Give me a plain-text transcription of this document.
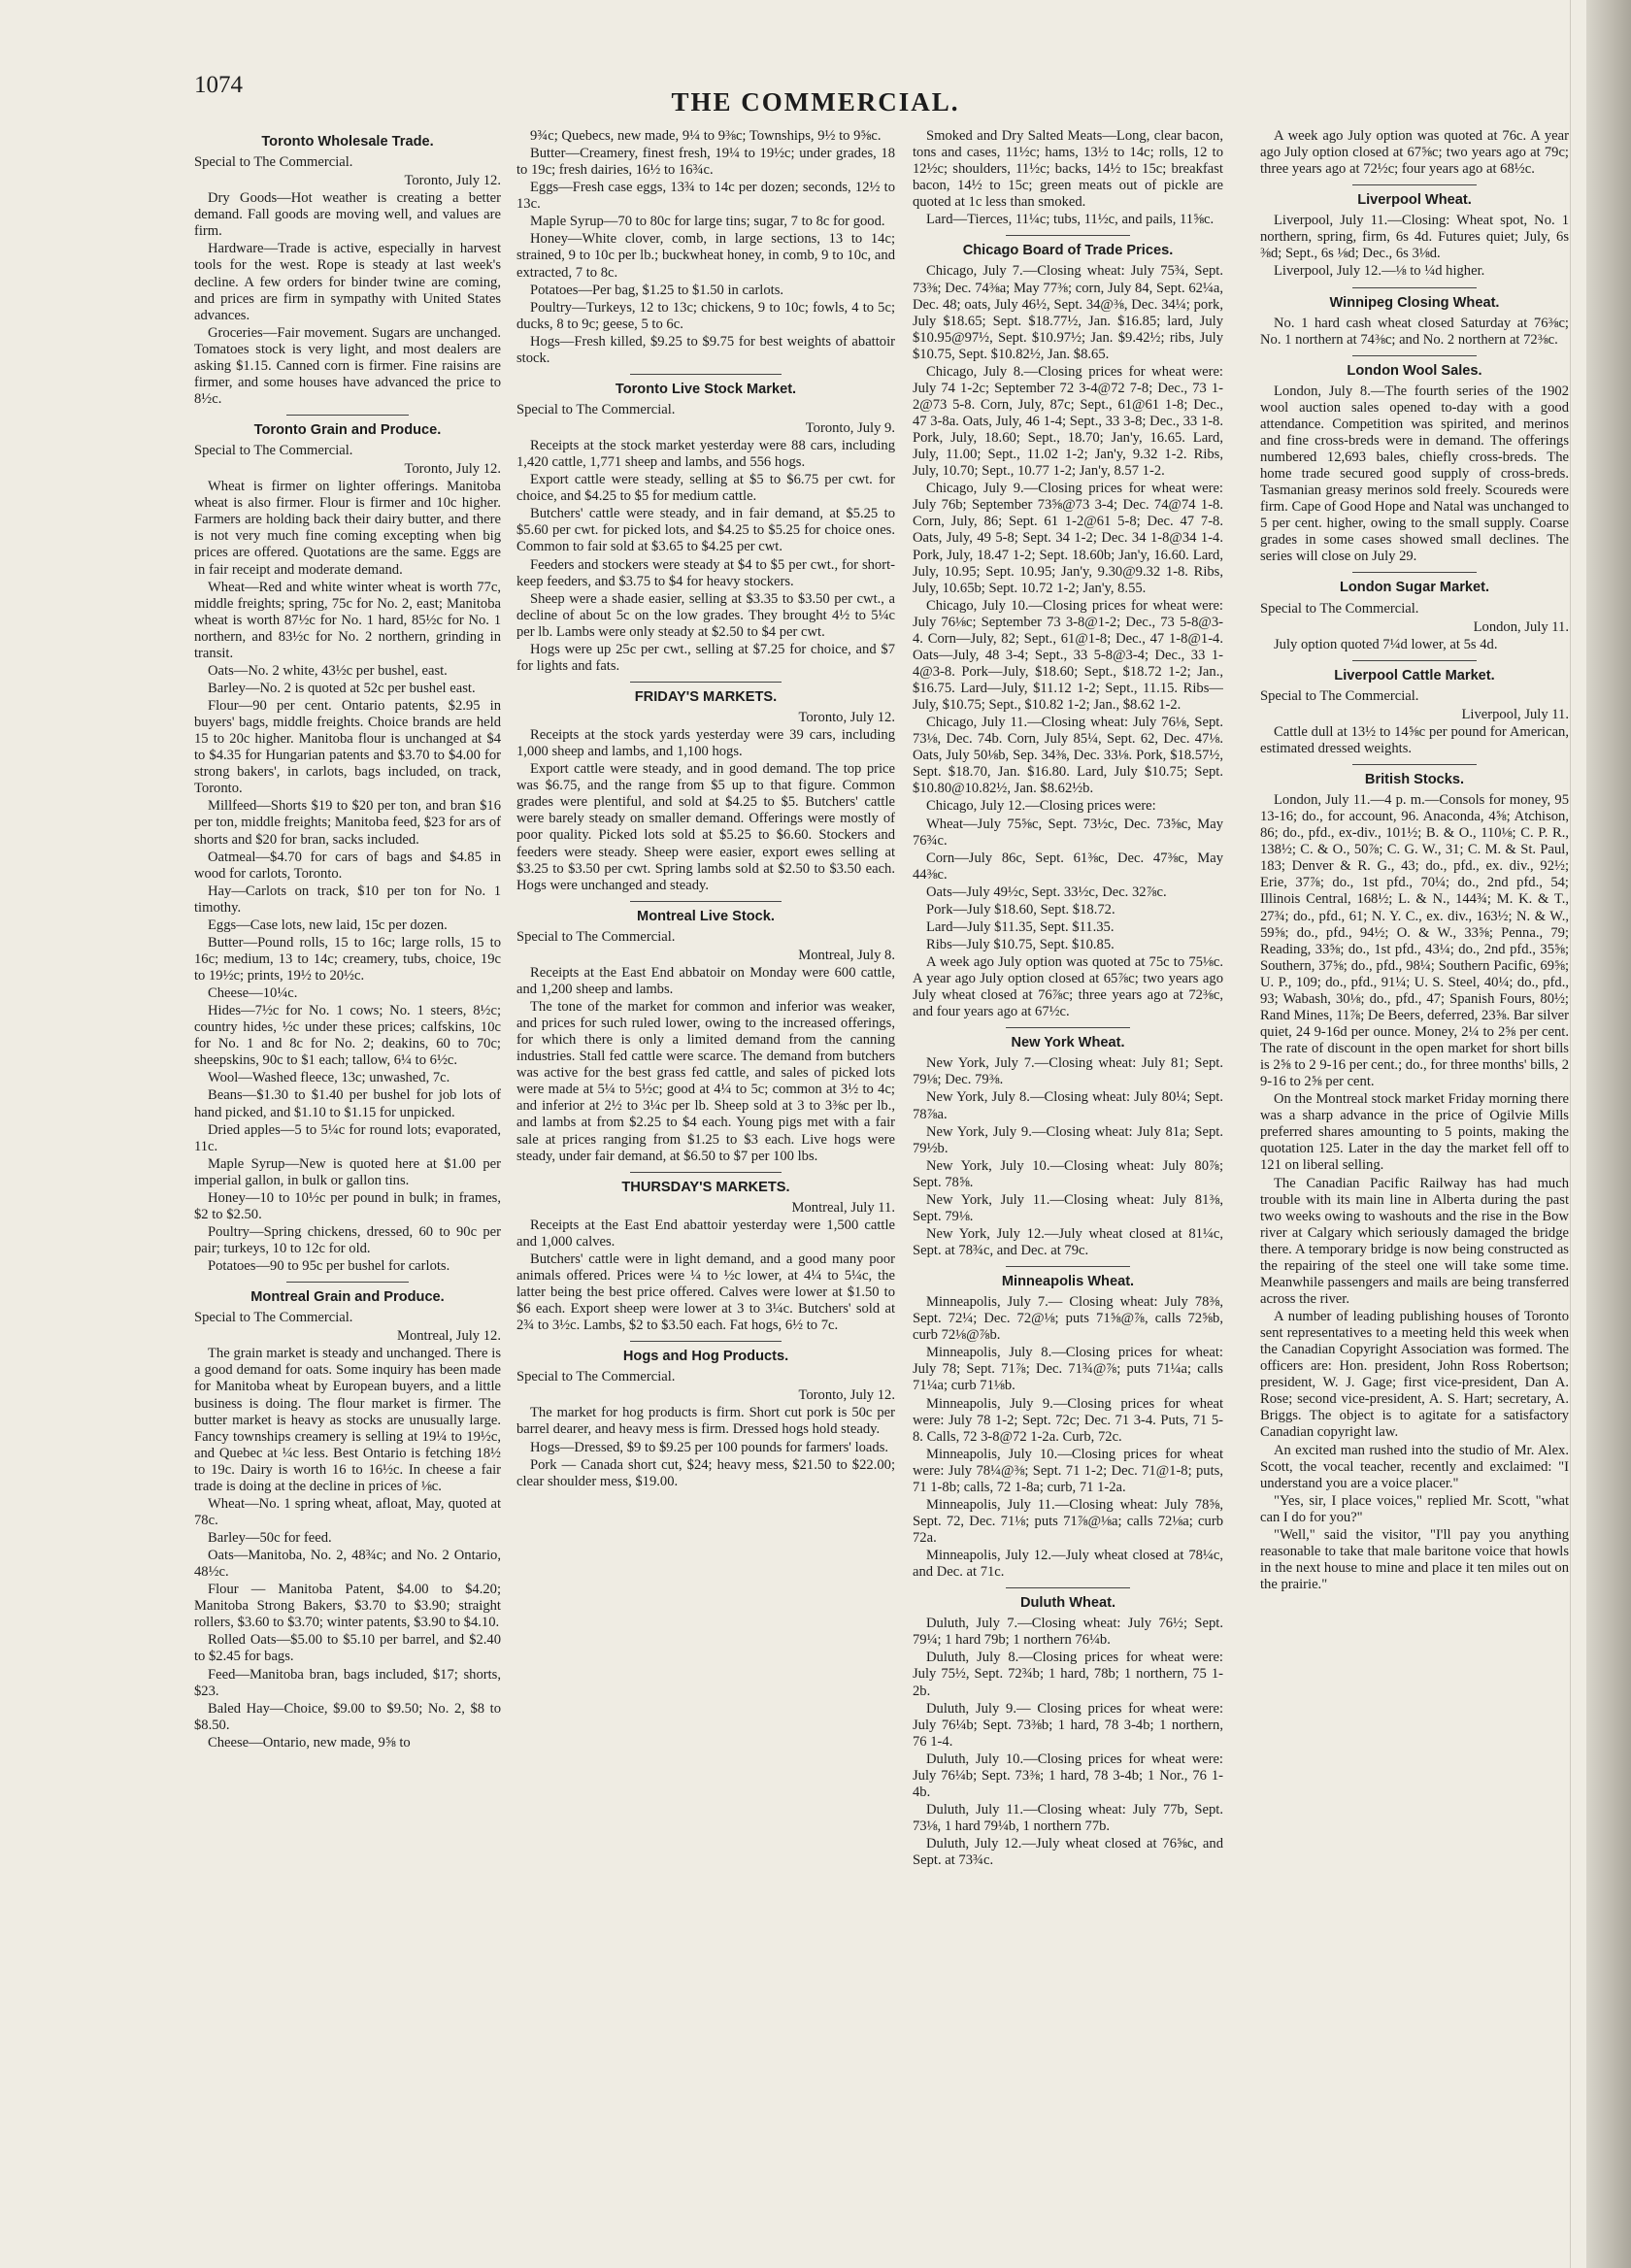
1074
THE COMMERCIAL.
Toronto Wholesale Trade.
Special to The Commercial.

Toronto, July 12.

Dry Goods—Hot weather is creating a better demand. Fall goods are moving well, and values are firm.

Hardware—Trade is active, especially in harvest tools for the west. Rope is steady at last week's decline. A few orders for binder twine are coming, and prices are firm in sympathy with United States advances.

Groceries—Fair movement. Sugars are unchanged. Tomatoes stock is very light, and most dealers are asking $1.15. Canned corn is firmer. Fine raisins are firmer, and some houses have advanced the price to 8½c.

Toronto Grain and Produce.
Special to The Commercial.

Toronto, July 12.

Wheat is firmer on lighter offerings. Manitoba wheat is also firmer. Flour is firmer and 10c higher. Farmers are holding back their dairy butter, and there is not very much fine coming excepting when big prices are offered. Quotations are the same. Eggs are in fair receipt and moderate demand.

Wheat—Red and white winter wheat is worth 77c, middle freights; spring, 75c for No. 2, east; Manitoba wheat is worth 87½c for No. 1 hard, 85½c for No. 1 northern, and 83½c for No. 2 northern, grinding in transit.

Oats—No. 2 white, 43½c per bushel, east.

Barley—No. 2 is quoted at 52c per bushel east.

Flour—90 per cent. Ontario patents, $2.95 in buyers' bags, middle freights. Choice brands are held 15 to 20c higher. Manitoba flour is unchanged at $4 to $4.35 for Hungarian patents and $3.70 to $4.00 for strong bakers', in carlots, bags included, on track, Toronto.

Millfeed—Shorts $19 to $20 per ton, and bran $16 per ton, middle freights; Manitoba feed, $23 for ars of shorts and $20 for bran, sacks included.

Oatmeal—$4.70 for cars of bags and $4.85 in wood for carlots, Toronto.

Hay—Carlots on track, $10 per ton for No. 1 timothy.

Eggs—Case lots, new laid, 15c per dozen.

Butter—Pound rolls, 15 to 16c; large rolls, 15 to 16c; medium, 13 to 14c; creamery, tubs, choice, 19c to 19½c; prints, 19½ to 20½c.

Cheese—10¼c.

Hides—7½c for No. 1 cows; No. 1 steers, 8½c; country hides, ½c under these prices; calfskins, 10c for No. 1 and 8c for No. 2; deakins, 60 to 70c; sheepskins, 90c to $1 each; tallow, 6¼ to 6½c.

Wool—Washed fleece, 13c; unwashed, 7c.

Beans—$1.30 to $1.40 per bushel for job lots of hand picked, and $1.10 to $1.15 for unpicked.

Dried apples—5 to 5¼c for round lots; evaporated, 11c.

Maple Syrup—New is quoted here at $1.00 per imperial gallon, in bulk or gallon tins.

Honey—10 to 10½c per pound in bulk; in frames, $2 to $2.50.

Poultry—Spring chickens, dressed, 60 to 90c per pair; turkeys, 10 to 12c for old.

Potatoes—90 to 95c per bushel for carlots.

Montreal Grain and Produce.
Special to The Commercial.

Montreal, July 12.

The grain market is steady and unchanged. There is a good demand for oats. Some inquiry has been made for Manitoba wheat by European buyers, and a little business is doing. The flour market is firmer. The butter market is heavy as stocks are unusually large. Fancy townships creamery is selling at 19¼ to 19½c, and Quebec at ¼c less. Best Ontario is fetching 18½ to 19c. Dairy is worth 16 to 16½c. In cheese a fair trade is doing at the decline in prices of ⅛c.

Wheat—No. 1 spring wheat, afloat, May, quoted at 78c.

Barley—50c for feed.

Oats—Manitoba, No. 2, 48¾c; and No. 2 Ontario, 48½c.

Flour — Manitoba Patent, $4.00 to $4.20; Manitoba Strong Bakers, $3.70 to $3.90; straight rollers, $3.60 to $3.70; winter patents, $3.90 to $4.10.

Rolled Oats—$5.00 to $5.10 per barrel, and $2.40 to $2.45 for bags.

Feed—Manitoba bran, bags included, $17; shorts, $23.

Baled Hay—Choice, $9.00 to $9.50; No. 2, $8 to $8.50.

Cheese—Ontario, new made, 9⅝ to

9¾c; Quebecs, new made, 9¼ to 9⅜c; Townships, 9½ to 9⅝c.

Butter—Creamery, finest fresh, 19¼ to 19½c; under grades, 18 to 19c; fresh dairies, 16½ to 16¾c.

Eggs—Fresh case eggs, 13¾ to 14c per dozen; seconds, 12½ to 13c.

Maple Syrup—70 to 80c for large tins; sugar, 7 to 8c for good.

Honey—White clover, comb, in large sections, 13 to 14c; strained, 9 to 10c per lb.; buckwheat honey, in comb, 9 to 10c, and extracted, 7 to 8c.

Potatoes—Per bag, $1.25 to $1.50 in carlots.

Poultry—Turkeys, 12 to 13c; chickens, 9 to 10c; fowls, 4 to 5c; ducks, 8 to 9c; geese, 5 to 6c.

Hogs—Fresh killed, $9.25 to $9.75 for best weights of abattoir stock.

Toronto Live Stock Market.
Special to The Commercial.

Toronto, July 9.

Receipts at the stock market yesterday were 88 cars, including 1,420 cattle, 1,771 sheep and lambs, and 556 hogs.

Export cattle were steady, selling at $5 to $6.75 per cwt. for choice, and $4.25 to $5 for medium cattle.

Butchers' cattle were steady, and in fair demand, at $5.25 to $5.60 per cwt. for picked lots, and $4.25 to $5.25 for choice ones. Common to fair sold at $3.65 to $4.25 per cwt.

Feeders and stockers were steady at $4 to $5 per cwt., for short-keep feeders, and $3.75 to $4 for heavy stockers.

Sheep were a shade easier, selling at $3.35 to $3.50 per cwt., a decline of about 5c on the low grades. They brought 4½ to 5¼c per lb. Lambs were only steady at $2.50 to $4 per cwt.

Hogs were up 25c per cwt., selling at $7.25 for choice, and $7 for lights and fats.

FRIDAY'S MARKETS.

Toronto, July 12.

Receipts at the stock yards yesterday were 39 cars, including 1,000 sheep and lambs, and 1,100 hogs.

Export cattle were steady, and in good demand. The top price was $6.75, and the range from $5 up to that figure. Common grades were plentiful, and sold at $4.25 to $5. Butchers' cattle were barely steady on smaller demand. Offerings were mostly of poor quality. Picked lots sold at $5.25 to $6.60. Stockers and feeders were steady. Sheep were easier, export ewes selling at $3.25 to $3.50 per cwt. Spring lambs sold at $2.50 to $3.50 each. Hogs were unchanged and steady.

Montreal Live Stock.
Special to The Commercial.

Montreal, July 8.

Receipts at the East End abbatoir on Monday were 600 cattle, and 1,200 sheep and lambs.

The tone of the market for common and inferior was weaker, and prices for such ruled lower, owing to the increased offerings, for which there is only a limited demand from the canning industries. Stall fed cattle were scarce. The demand from butchers was active for the best grass fed cattle, and sales of picked lots were made at 5¼ to 5½c; good at 4¼ to 5c; common at 3½ to 4c; and inferior at 2½ to 3¼c per lb. Sheep sold at 3 to 3⅜c per lb., and lambs at from $2.25 to $4 each. Young pigs met with a fair sale at prices ranging from $1.25 to $3 each. Live hogs were steady, under fair demand, at $6.50 to $7 per 100 lbs.

THURSDAY'S MARKETS.

Montreal, July 11.

Receipts at the East End abattoir yesterday were 1,500 cattle and 1,000 calves.

Butchers' cattle were in light demand, and a good many poor animals offered. Prices were ¼ to ½c lower, at 4¼ to 5¼c, the latter being the best price offered. Calves were lower at $1.50 to $6 each. Export sheep were lower at 3 to 3¼c. Butchers' sold at 2¾ to 3½c. Lambs, $2 to $3.50 each. Fat hogs, 6½ to 7c.

Hogs and Hog Products.
Special to The Commercial.

Toronto, July 12.

The market for hog products is firm. Short cut pork is 50c per barrel dearer, and heavy mess is firm. Dressed hogs hold steady.

Hogs—Dressed, $9 to $9.25 per 100 pounds for farmers' loads.

Pork — Canada short cut, $24; heavy mess, $21.50 to $22.00; clear shoulder mess, $19.00.

Smoked and Dry Salted Meats—Long, clear bacon, tons and cases, 11½c; hams, 13½ to 14c; rolls, 12 to 12½c; shoulders, 11½c; backs, 14½ to 15c; breakfast bacon, 14½ to 15c; green meats out of pickle are quoted at 1c less than smoked.

Lard—Tierces, 11¼c; tubs, 11½c, and pails, 11⅝c.

Chicago Board of Trade Prices.

Chicago, July 7.—Closing wheat: July 75¾, Sept. 73⅜; Dec. 74⅜a; May 77⅜; corn, July 84, Sept. 62¼a, Dec. 48; oats, July 46½, Sept. 34@⅜, Dec. 34¼; pork, July $18.65; Sept. $18.77½, Jan. $16.85; lard, July $10.95@97½, Sept. $10.97½; Jan. $9.42½; ribs, July $10.75, Sept. $10.82½, Jan. $8.65.

Chicago, July 8.—Closing prices for wheat were: July 74 1-2c; September 72 3-4@72 7-8; Dec., 73 1-2@73 5-8. Corn, July, 87c; Sept., 61@61 1-8; Dec., 47 3-8a. Oats, July, 46 1-4; Sept., 33 3-8; Dec., 33 1-8. Pork, July, 18.60; Sept., 18.70; Jan'y, 16.65. Lard, July, 11.00; Sept., 11.02 1-2; Jan'y, 9.32 1-2. Ribs, July, 10.70; Sept., 10.77 1-2; Jan'y, 8.57 1-2.

Chicago, July 9.—Closing prices for wheat were: July 76b; September 73⅝@73 3-4; Dec. 74@74 1-8. Corn, July, 86; Sept. 61 1-2@61 5-8; Dec. 47 7-8. Oats, July, 49 5-8; Sept. 34 1-2; Dec. 34 1-8@34 1-4. Pork, July, 18.47 1-2; Sept. 18.60b; Jan'y, 16.60. Lard, July, 10.95; Sept. 10.95; Jan'y, 9.30@9.32 1-8. Ribs, July, 10.65b; Sept. 10.72 1-2; Jan'y, 8.55.

Chicago, July 10.—Closing prices for wheat were: July 76⅛c; September 73 3-8@1-2; Dec., 73 5-8@3-4. Corn—July, 82; Sept., 61@1-8; Dec., 47 1-8@1-4. Oats—July, 48 3-4; Sept., 33 5-8@3-4; Dec., 33 1-4@3-8. Pork—July, $18.60; Sept., $18.72 1-2; Jan., $16.75. Lard—July, $11.12 1-2; Sept., 11.15. Ribs—July, $10.75; Sept., $10.82 1-2; Jan., $8.62 1-2.

Chicago, July 11.—Closing wheat: July 76⅛, Sept. 73⅛, Dec. 74b. Corn, July 85¼, Sept. 62, Dec. 47⅛. Oats, July 50⅛b, Sep. 34⅜, Dec. 33⅛. Pork, $18.57½, Sept. $18.70, Jan. $16.80. Lard, July $10.75; Sept. $10.80@10.82½, Jan. $8.62½b.

Chicago, July 12.—Closing prices were:

Wheat—July 75⅝c, Sept. 73½c, Dec. 73⅝c, May 76¾c.

Corn—July 86c, Sept. 61⅜c, Dec. 47⅜c, May 44⅜c.

Oats—July 49½c, Sept. 33½c, Dec. 32⅞c.

Pork—July $18.60, Sept. $18.72.

Lard—July $11.35, Sept. $11.35.

Ribs—July $10.75, Sept. $10.85.

A week ago July option was quoted at 75c to 75⅛c. A year ago July option closed at 65⅞c; two years ago July wheat closed at 76⅞c; three years ago at 72⅜c, and four years ago at 67½c.

New York Wheat.

New York, July 7.—Closing wheat: July 81; Sept. 79⅛; Dec. 79⅜.

New York, July 8.—Closing wheat: July 80¼; Sept. 78⅞a.

New York, July 9.—Closing wheat: July 81a; Sept. 79½b.

New York, July 10.—Closing wheat: July 80⅞; Sept. 78⅝.

New York, July 11.—Closing wheat: July 81⅜, Sept. 79⅛.

New York, July 12.—July wheat closed at 81¼c, Sept. at 78¾c, and Dec. at 79c.

Minneapolis Wheat.

Minneapolis, July 7.— Closing wheat: July 78⅜, Sept. 72¼; Dec. 72@⅛; puts 71⅝@⅞, calls 72⅝b, curb 72⅛@⅞b.

Minneapolis, July 8.—Closing prices for wheat: July 78; Sept. 71⅞; Dec. 71¾@⅞; puts 71¼a; calls 71¼a; curb 71⅛b.

Minneapolis, July 9.—Closing prices for wheat were: July 78 1-2; Sept. 72c; Dec. 71 3-4. Puts, 71 5-8. Calls, 72 3-8@72 1-2a. Curb, 72c.

Minneapolis, July 10.—Closing prices for wheat were: July 78¼@⅜; Sept. 71 1-2; Dec. 71@1-8; puts, 71 1-8b; calls, 72 1-8a; curb, 71 1-2a.

Minneapolis, July 11.—Closing wheat: July 78⅝, Sept. 72, Dec. 71⅛; puts 71⅞@⅛a; calls 72⅛a; curb 72a.

Minneapolis, July 12.—July wheat closed at 78¼c, and Dec. at 71c.

Duluth Wheat.

Duluth, July 7.—Closing wheat: July 76½; Sept. 79¼; 1 hard 79b; 1 northern 76¼b.

Duluth, July 8.—Closing prices for wheat were: July 75½, Sept. 72¾b; 1 hard, 78b; 1 northern, 75 1-2b.

Duluth, July 9.— Closing prices for wheat were: July 76¼b; Sept. 73⅜b; 1 hard, 78 3-4b; 1 northern, 76 1-4.

Duluth, July 10.—Closing prices for wheat were: July 76¼b; Sept. 73⅜; 1 hard, 78 3-4b; 1 Nor., 76 1-4b.

Duluth, July 11.—Closing wheat: July 77b, Sept. 73⅛, 1 hard 79¼b, 1 northern 77b.

Duluth, July 12.—July wheat closed at 76⅝c, and Sept. at 73¾c.

A week ago July option was quoted at 76c. A year ago July option closed at 67⅝c; two years ago at 79c; three years ago at 72½c; four years ago at 68½c.

Liverpool Wheat.

Liverpool, July 11.—Closing: Wheat spot, No. 1 northern, spring, firm, 6s 4d. Futures quiet; July, 6s ⅜d; Sept., 6s ⅛d; Dec., 6s 3⅛d.

Liverpool, July 12.—⅛ to ¼d higher.

Winnipeg Closing Wheat.

No. 1 hard cash wheat closed Saturday at 76⅜c; No. 1 northern at 74⅜c; and No. 2 northern at 72⅜c.

London Wool Sales.

London, July 8.—The fourth series of the 1902 wool auction sales opened to-day with a good attendance. Competition was spirited, and merinos and fine cross-breds were in demand. The offerings numbered 12,693 bales, chiefly cross-breds. The home trade secured good supply of cross-breds. Tasmanian greasy merinos sold freely. Scoureds were firm. Cape of Good Hope and Natal was unchanged to 5 per cent. higher, owing to the small supply. Coarse grades in some cases showed small declines. The series will close on July 29.

London Sugar Market.
Special to The Commercial.

London, July 11.

July option quoted 7¼d lower, at 5s 4d.

Liverpool Cattle Market.
Special to The Commercial.

Liverpool, July 11.

Cattle dull at 13½ to 14⅝c per pound for American, estimated dressed weights.

British Stocks.

London, July 11.—4 p. m.—Consols for money, 95 13-16; do., for account, 96. Anaconda, 4⅝; Atchison, 86; do., pfd., ex-div., 101½; B. & O., 110⅛; C. P. R., 138½; C. & O., 50⅞; C. G. W., 31; C. M. & St. Paul, 183; Denver & R. G., 43; do., pfd., ex. div., 92½; Erie, 37⅞; do., 1st pfd., 70¼; do., 2nd pfd., 54; Illinois Central, 168½; L. & N., 144¾; M. K. & T., 27¾; do., pfd., 61; N. Y. C., ex. div., 163½; N. & W., 59⅝; do., pfd., 94½; O. & W., 33⅝; Penna., 79; Reading, 33⅝; do., 1st pfd., 43¼; do., 2nd pfd., 35⅝; Southern, 37⅝; do., pfd., 98¼; Southern Pacific, 69⅝; U. P., 109; do., pfd., 91¼; U. S. Steel, 40¼; do., pfd., 93; Wabash, 30⅛; do., pfd., 47; Spanish Fours, 80½; Rand Mines, 11⅞; De Beers, deferred, 23⅝. Bar silver quiet, 24 9-16d per ounce. Money, 2¼ to 2⅝ per cent. The rate of discount in the open market for short bills is 2⅝ to 2 9-16 per cent.; do., for three months' bills, 2 9-16 to 2⅝ per cent.

On the Montreal stock market Friday morning there was a sharp advance in the price of Ogilvie Mills preferred shares amounting to 5 points, making the quotation 125. Later in the day the market fell off to 121 on liberal selling.

The Canadian Pacific Railway has had much trouble with its main line in Alberta during the past two weeks owing to washouts and the rise in the Bow river at Calgary which seriously damaged the bridge there. A temporary bridge is now being constructed as the repairing of the steel one will take some time. Meanwhile passengers and mails are being transferred across the river.

A number of leading publishing houses of Toronto sent representatives to a meeting held this week when the Canadian Copyright Association was formed. The officers are: Hon. president, John Ross Robertson; president, W. J. Gage; first vice-president, Dan A. Rose; second vice-president, A. S. Hart; secretary, A. Briggs. The object is to agitate for a satisfactory Canadian copyright law.

An excited man rushed into the studio of Mr. Alex. Scott, the vocal teacher, recently and exclaimed: "I understand you are a voice placer."

"Yes, sir, I place voices," replied Mr. Scott, "what can I do for you?"

"Well," said the visitor, "I'll pay you anything reasonable to take that male baritone voice that howls in the next house to mine and place it ten miles out on the prairie."
